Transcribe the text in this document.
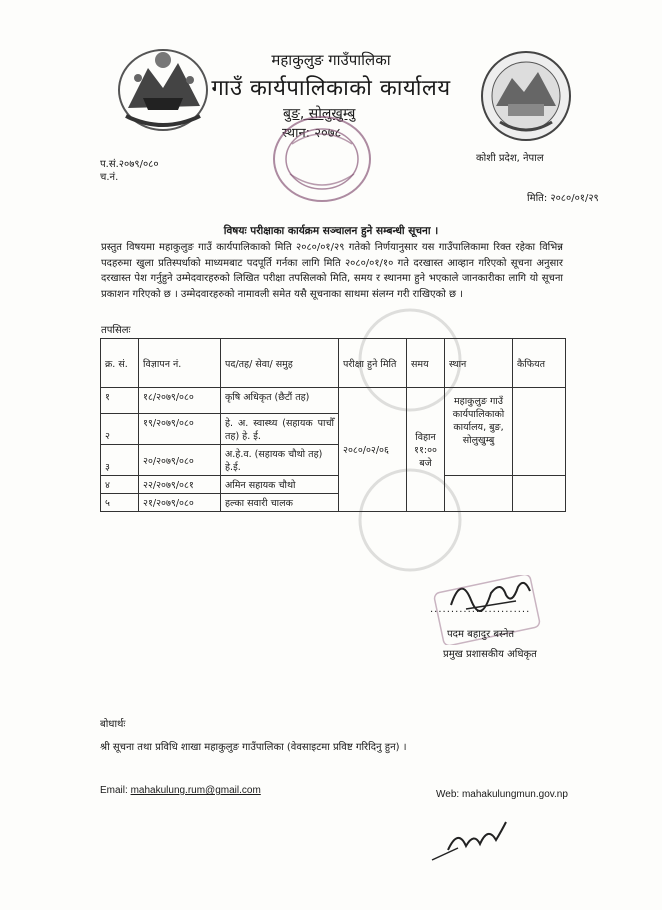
महाकुलुङ गाउँपालिका
गाउँ कार्यपालिकाको कार्यालय
बुङ, सोलुखुम्बु
स्थान: २०७८
कोशी प्रदेश, नेपाल
प.सं.२०७९/०८०
च.नं.
मिति: २०८०/०१/२९
विषयः परीक्षाका कार्यक्रम सञ्चालन हुने सम्बन्धी सूचना ।
प्रस्तुत विषयमा महाकुलुङ गाउँ कार्यपालिकाको मिति २०८०/०१/२९ गतेको निर्णयानुसार यस गाउँपालिकामा रिक्त रहेका विभिन्न पदहरुमा खुला प्रतिस्पर्धाको माध्यमबाट पदपूर्ति गर्नका लागि मिति २०८०/०१/१० गते दरखास्त आव्हान गरिएको सूचना अनुसार दरखास्त पेश गर्नुहुने उम्मेदवारहरुको लिखित परीक्षा तपसिलको मिति, समय र स्थानमा हुने भएकाले जानकारीका लागि यो सूचना प्रकाशन गरिएको छ । उम्मेदवारहरुको नामावली समेत यसै सूचनाका साथमा संलग्न गरी राखिएको छ ।
तपसिलः
क्र. सं.	विज्ञापन नं.	पद/तह/ सेवा/ समुह	परीक्षा हुने मिति	समय	स्थान	कैफियत
१	१८/२०७९/०८०	कृषि अधिकृत (छैटौं तह)	२०८०/०२/०६	विहान
११:००
बजे	महाकुलुङ गाउँ कार्यपालिकाको कार्यालय, बुङ, सोलुखुम्बु	
२	१९/२०७९/०८०	हे. अ. स्वास्थ्य (सहायक पाचौँ तह) हे. ई.				
३	२०/२०७९/०८०	अ.हे.व. (सहायक चौथो तह) हे.ई.				
४	२२/२०७९/०८१	अमिन सहायक चौथो				
५	२१/२०७९/०८०	हल्का सवारी चालक				
........................
पदम बहादुर बस्नेत
प्रमुख प्रशासकीय अधिकृत
बोधार्थः
श्री सूचना तथा प्रविधि शाखा महाकुलुङ गाउँपालिका (वेवसाइटमा प्रविष्ट गरिदिनु हुन) ।
Email: mahakulung.rum@gmail.com	Web: mahakulungmun.gov.np
